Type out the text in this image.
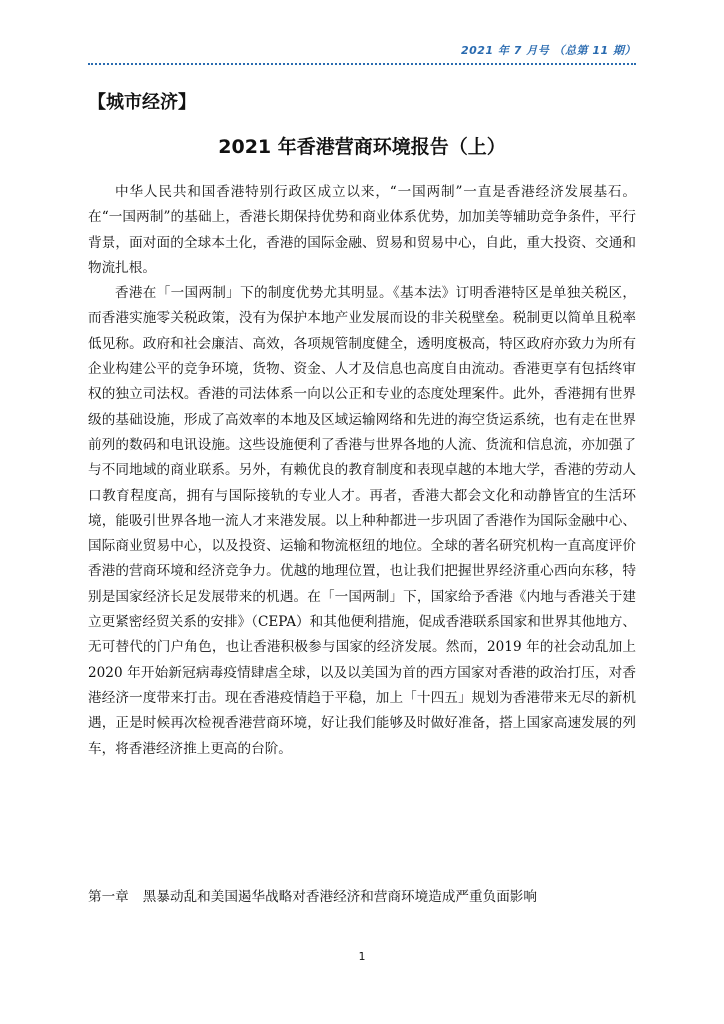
2021 年 7 月号 （总第 11 期）
【城市经济】
2021 年香港营商环境报告（上）

中华人民共和国香港特别行政区成立以来，“一国两制”一直是香港经济发展基石。 在“一国两制”的基础上，香港长期保持优势和商业体系优势，加加美等辅助竞争条件，平行背景，面对面的全球本土化，香港的国际金融、贸易和贸易中心，自此，重大投资、交通和物流扎根。

香港在「一国两制」下的制度优势尤其明显。《基本法》订明香港特区是单独关税区，而香港实施零关税政策，没有为保护本地产业发展而设的非关税壁垒。税制更以简单且税率低见称。政府和社会廉洁、高效，各项规管制度健全，透明度极高，特区政府亦致力为所有企业构建公平的竞争环境，货物、资金、人才及信息也高度自由流动。香港更享有包括终审权的独立司法权。香港的司法体系一向以公正和专业的态度处理案件。此外，香港拥有世界级的基础设施，形成了高效率的本地及区域运输网络和先进的海空货运系统，也有走在世界前列的数码和电讯设施。这些设施便利了香港与世界各地的人流、货流和信息流，亦加强了与不同地域的商业联系。另外，有赖优良的教育制度和表现卓越的本地大学，香港的劳动人口教育程度高，拥有与国际接轨的专业人才。再者，香港大都会文化和动静皆宜的生活环境，能吸引世界各地一流人才来港发展。以上种种都进一步巩固了香港作为国际金融中心、国际商业贸易中心，以及投资、运输和物流枢纽的地位。全球的著名研究机构一直高度评价香港的营商环境和经济竞争力。优越的地理位置，也让我们把握世界经济重心西向东移，特别是国家经济长足发展带来的机遇。在「一国两制」下，国家给予香港《内地与香港关于建立更紧密经贸关系的安排》（CEPA）和其他便利措施，促成香港联系国家和世界其他地方、无可替代的门户角色，也让香港积极参与国家的经济发展。然而，2019 年的社会动乱加上 2020 年开始新冠病毒疫情肆虐全球，以及以美国为首的西方国家对香港的政治打压，对香港经济一度带来打击。现在香港疫情趋于平稳，加上「十四五」规划为香港带来无尽的新机遇，正是时候再次检视香港营商环境，好让我们能够及时做好准备，搭上国家高速发展的列车，将香港经济推上更高的台阶。

第一章 黑暴动乱和美国遏华战略对香港经济和营商环境造成严重负面影响
1
